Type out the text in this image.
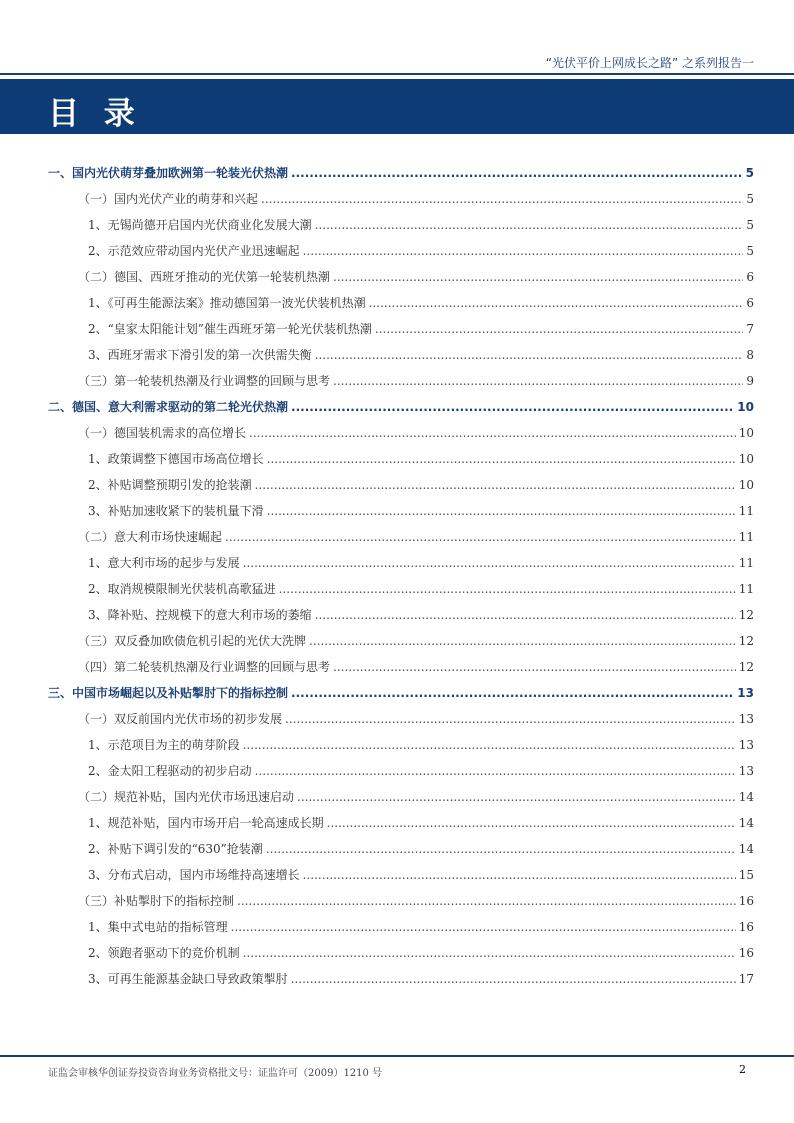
“光伏平价上网成长之路” 之系列报告一
目 录
一、国内光伏萌芽叠加欧洲第一轮装光伏热潮 .....	5
（一）国内光伏产业的萌芽和兴起 .....	5
1、无锡尚德开启国内光伏商业化发展大潮 .....	5
2、示范效应带动国内光伏产业迅速崛起 .....	5
（二）德国、西班牙推动的光伏第一轮装机热潮 .....	6
1、《可再生能源法案》推动德国第一波光伏装机热潮 .....	6
2、“皇家太阳能计划”催生西班牙第一轮光伏装机热潮 .....	7
3、西班牙需求下滑引发的第一次供需失衡 .....	8
（三）第一轮装机热潮及行业调整的回顾与思考 .....	9
二、德国、意大利需求驱动的第二轮光伏热潮 .....	10
（一）德国装机需求的高位增长 .....	10
1、政策调整下德国市场高位增长 .....	10
2、补贴调整预期引发的抢装潮 .....	10
3、补贴加速收紧下的装机量下滑 .....	11
（二）意大利市场快速崛起 .....	11
1、意大利市场的起步与发展 .....	11
2、取消规模限制光伏装机高歌猛进 .....	11
3、降补贴、控规模下的意大利市场的萎缩 .....	12
（三）双反叠加欧债危机引起的光伏大洗牌 .....	12
（四）第二轮装机热潮及行业调整的回顾与思考 .....	12
三、中国市场崛起以及补贴掣肘下的指标控制 .....	13
（一）双反前国内光伏市场的初步发展 .....	13
1、示范项目为主的萌芽阶段 .....	13
2、金太阳工程驱动的初步启动 .....	13
（二）规范补贴，国内光伏市场迅速启动 .....	14
1、规范补贴，国内市场开启一轮高速成长期 .....	14
2、补贴下调引发的“630”抢装潮 .....	14
3、分布式启动，国内市场维持高速增长 .....	15
（三）补贴掣肘下的指标控制 .....	16
1、集中式电站的指标管理 .....	16
2、领跑者驱动下的竞价机制 .....	16
3、可再生能源基金缺口导致政策掣肘 .....	17
证监会审核华创证券投资咨询业务资格批文号：证监许可（2009）1210 号	2
